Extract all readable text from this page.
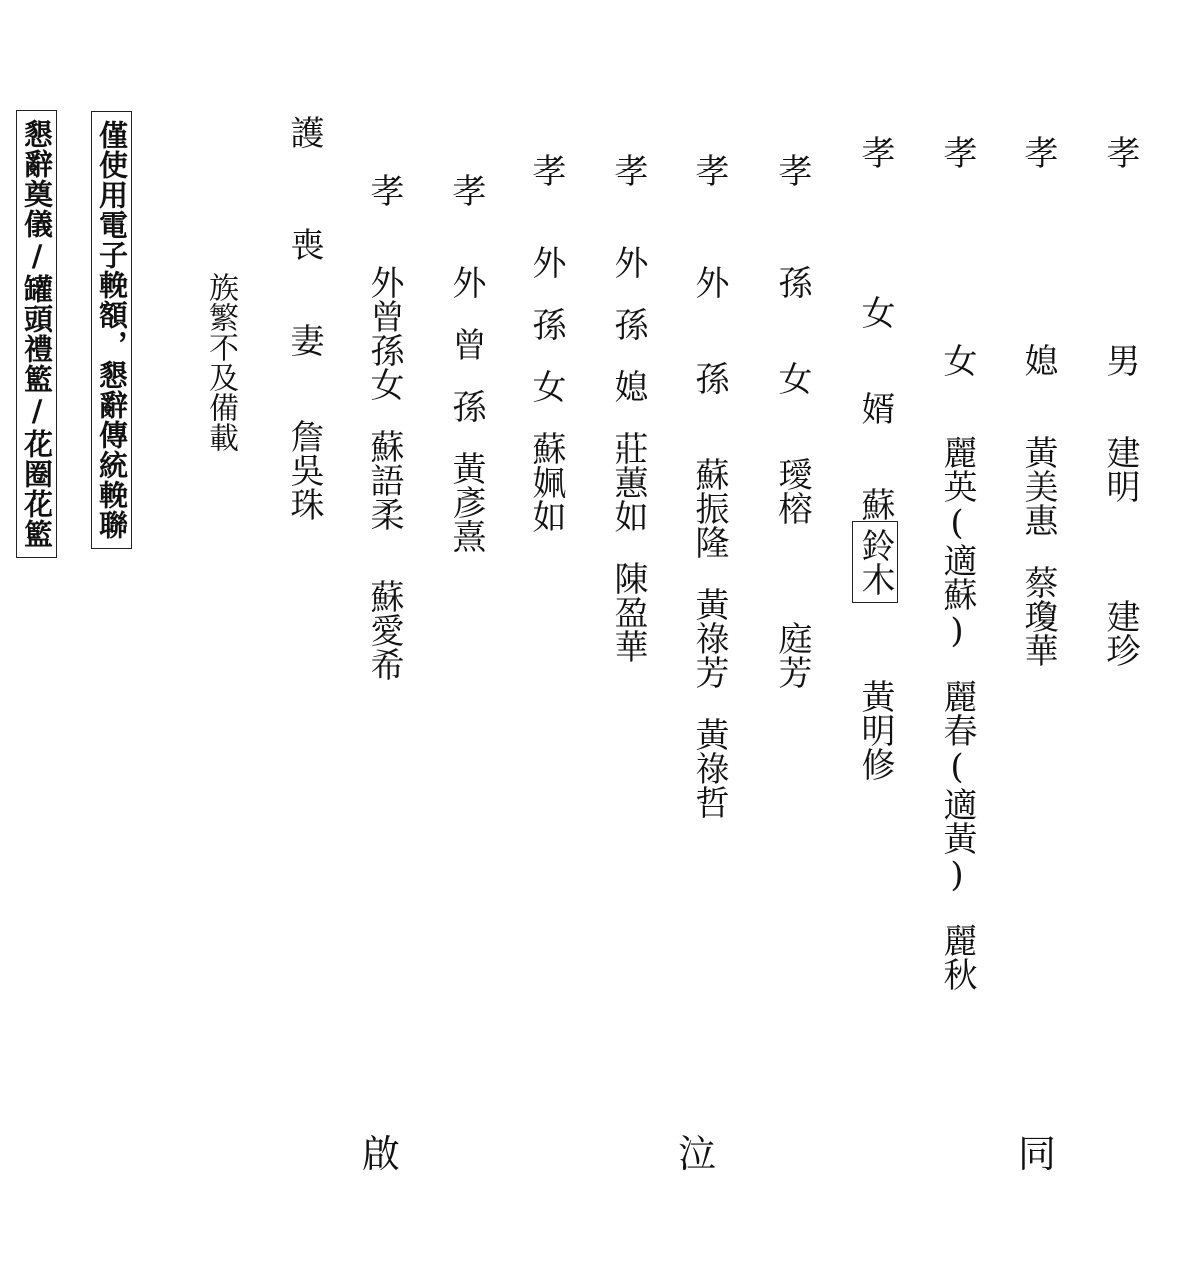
孝男建明建珍
孝媳黃美惠蔡瓊華
孝女麗英(適蘇)麗春(適黃)麗秋
孝女婿蘇鈴木黃明修
孝孫女璦榕庭芳
孝外孫蘇振隆黃祿芳黃祿哲
孝外孫媳莊蕙如陳盈華
孝外孫女蘇姵如
孝外曾孫黃彥熹
孝外曾孫女蘇語柔蘇愛希
護喪妻詹吳珠
族繁不及備載
僅使用電子輓額，懇辭傳統輓聯
懇辭奠儀/罐頭禮籃/花圈花籃
同
泣
啟
